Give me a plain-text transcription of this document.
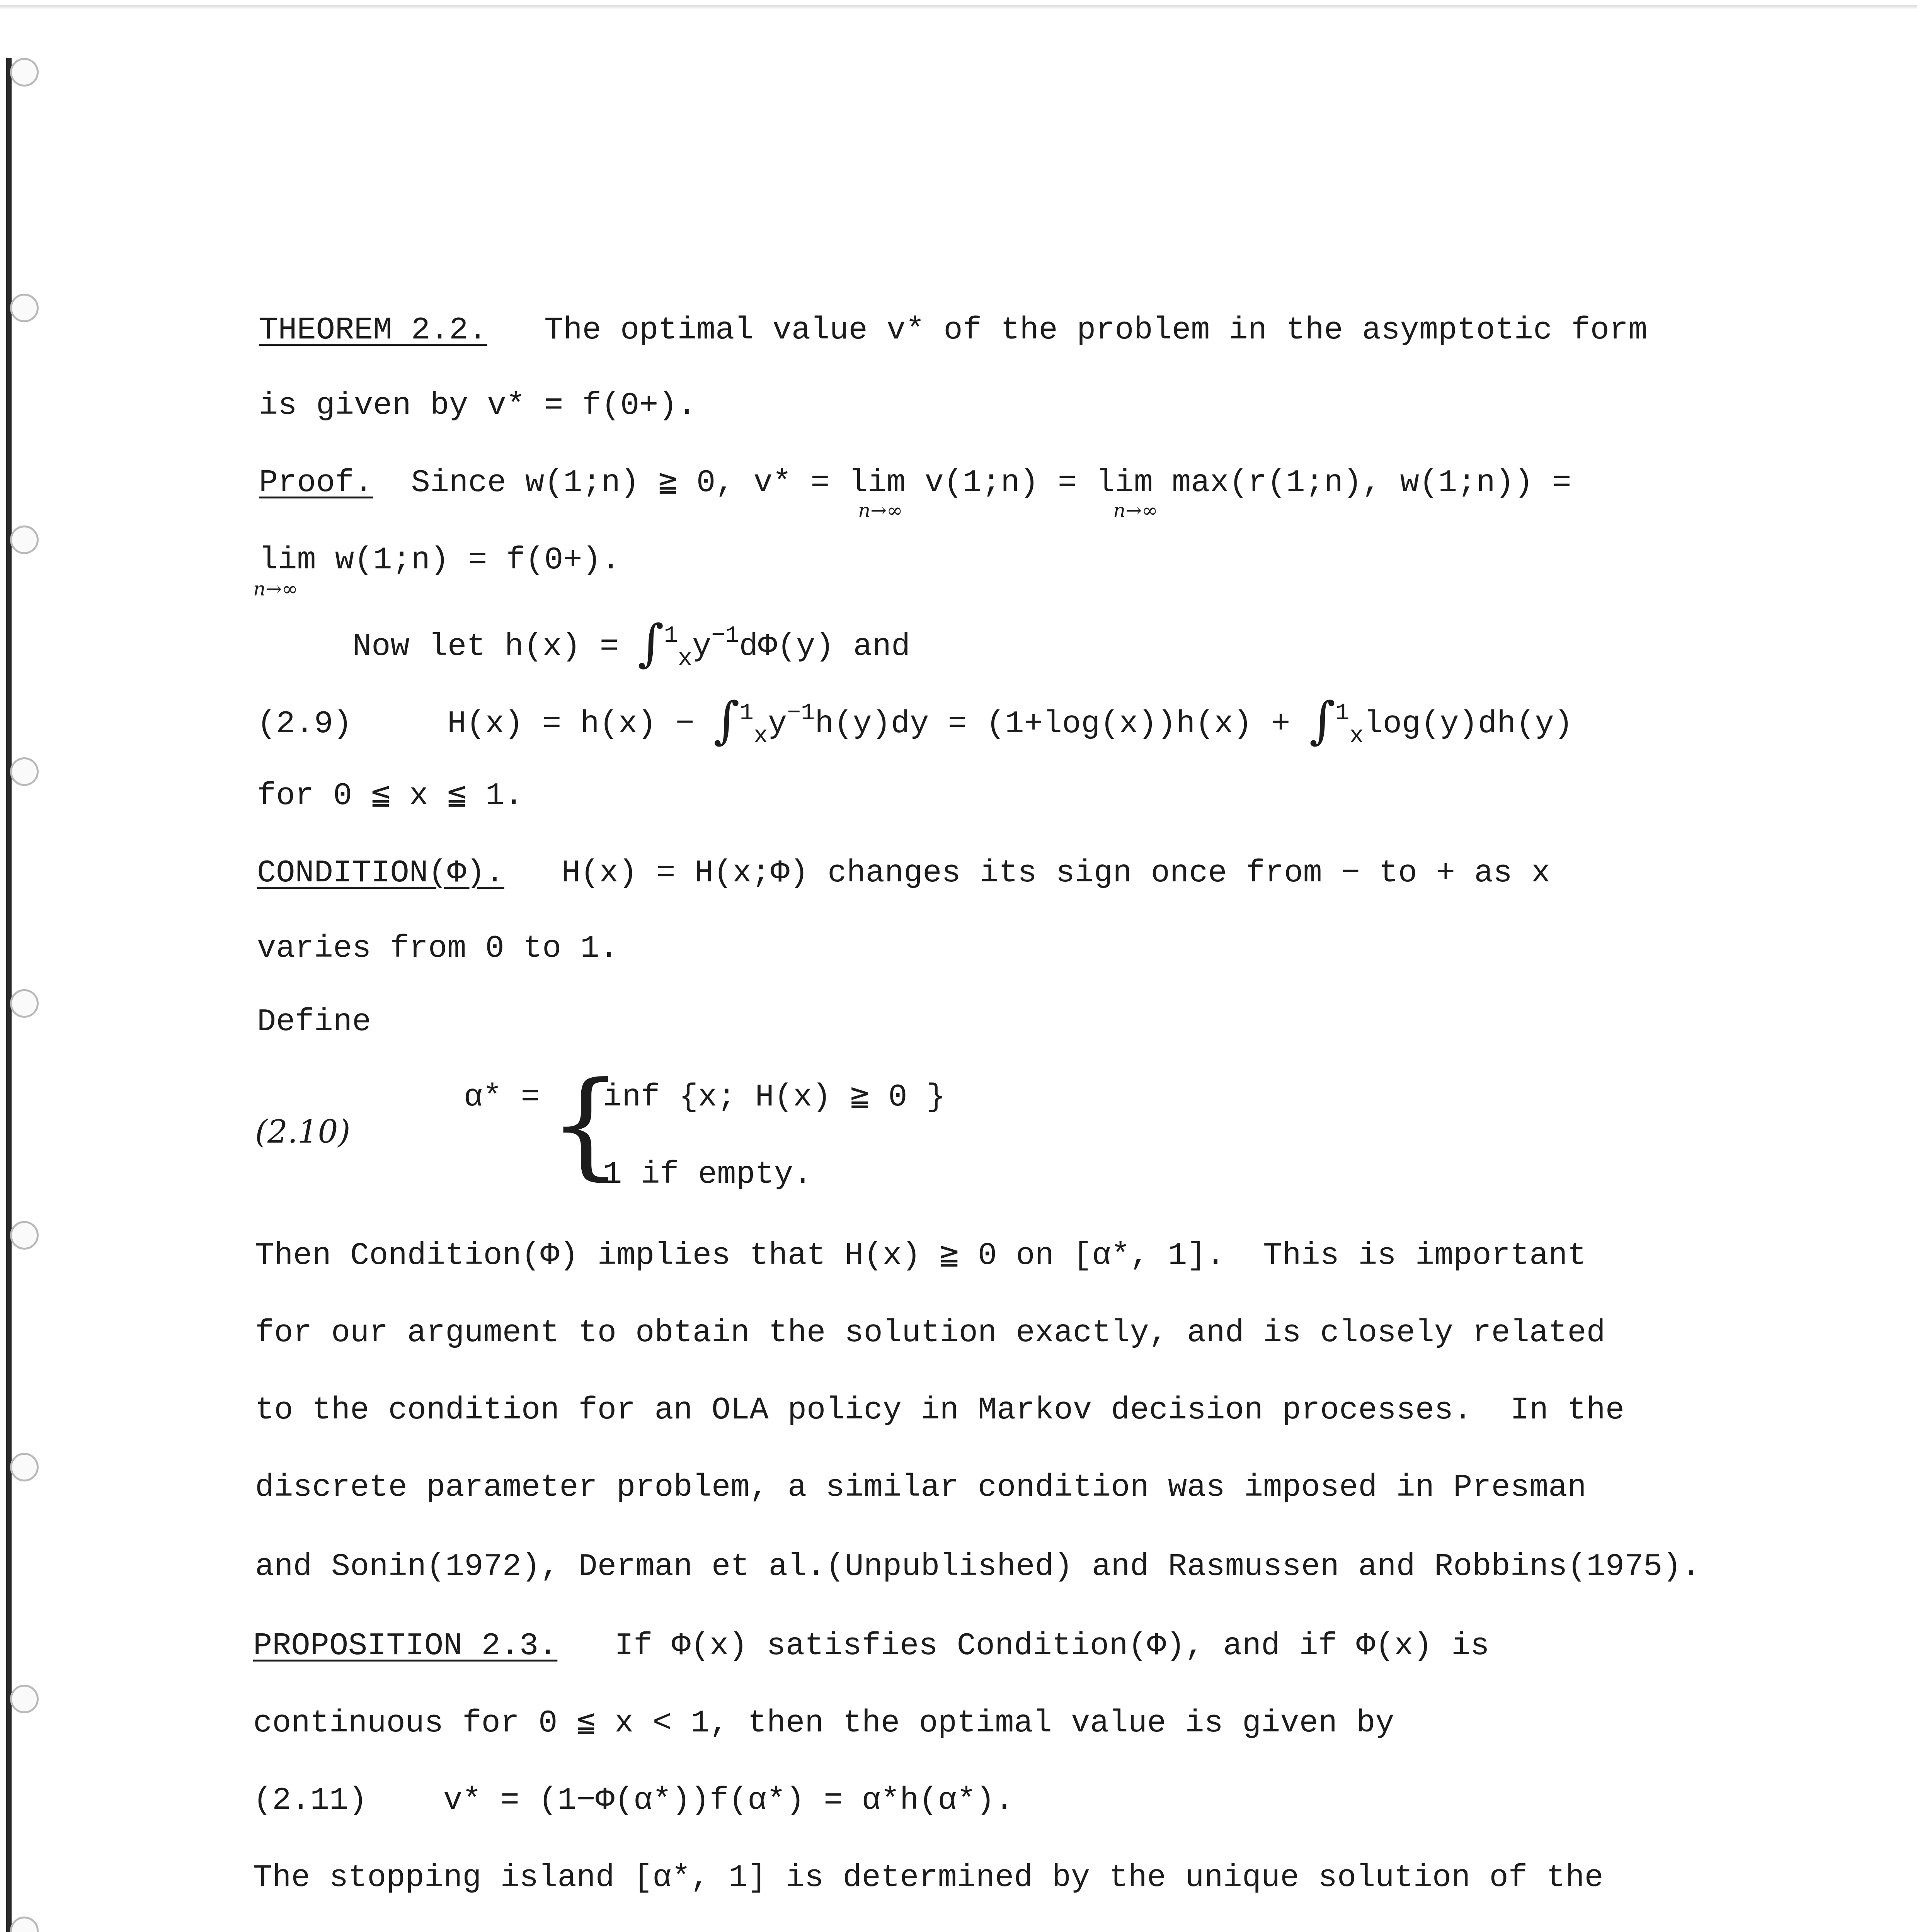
THEOREM 2.2. The optimal value v* of the problem in the asymptotic form
is given by v* = f(0+).
Proof. Since w(1;n) ≧ 0, v* = lim v(1;n) = lim max(r(1;n), w(1;n)) =
n→∞	n→∞
lim w(1;n) = f(0+).
n→∞
Now let $h(x) = \int^1_xy^{-1}d\Phi(y)$ and
(2.9)	$H(x) = h(x) - \int^1_xy^{-1}h(y)dy = (1+\log(x))h(x) + \int^1_x\log(y)dh(y)$
for 0 ≦ x ≦ 1.
CONDITION(Φ). H(x) = H(x;Φ) changes its sign once from − to + as x
varies from 0 to 1.
Define
(2.10)
α* = {
inf {x; H(x) ≧ 0 }
1 if empty.
Then Condition(Φ) implies that H(x) ≧ 0 on [α*, 1].  This is important
for our argument to obtain the solution exactly, and is closely related
to the condition for an OLA policy in Markov decision processes.  In the
discrete parameter problem, a similar condition was imposed in Presman
and Sonin(1972), Derman et al.(Unpublished) and Rasmussen and Robbins(1975).
PROPOSITION 2.3. If Φ(x) satisfies Condition(Φ), and if Φ(x) is
continuous for 0 ≦ x < 1, then the optimal value is given by
(2.11) v* = (1−Φ(α*))f(α*) = α*h(α*).
The stopping island [α*, 1] is determined by the unique solution of the
